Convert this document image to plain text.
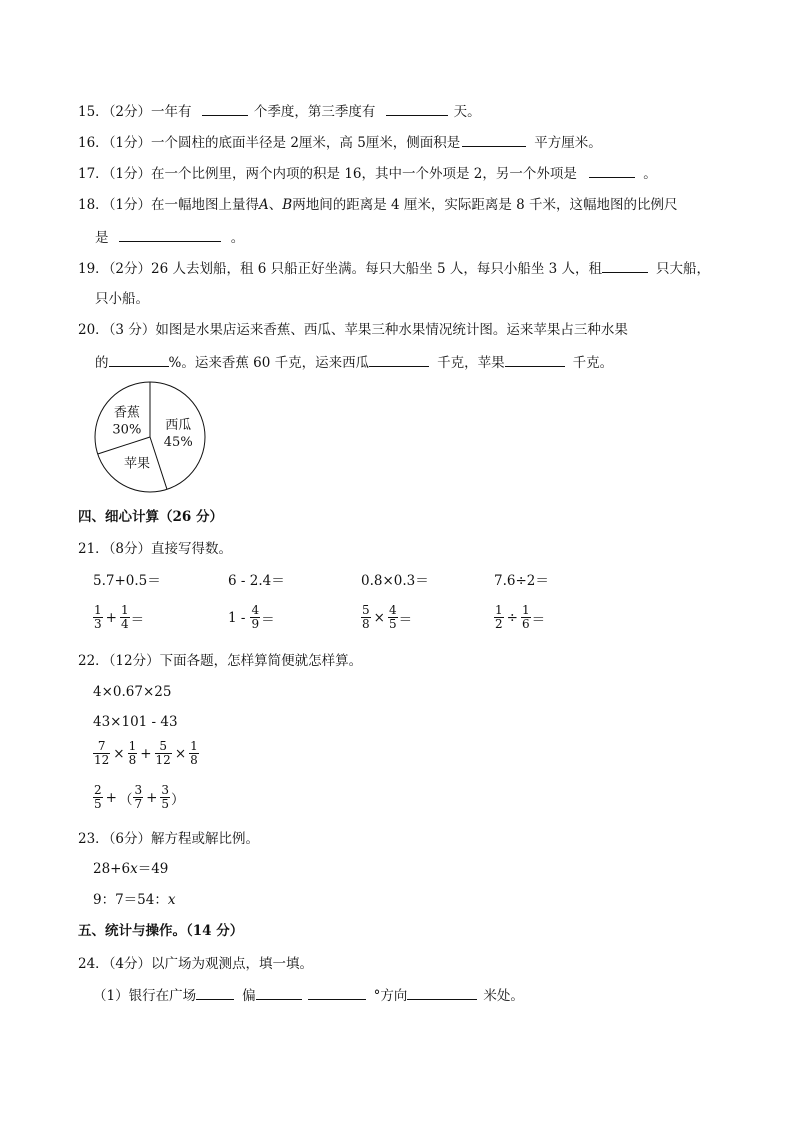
15．（2分）一年有	个季度，第三季度有	天。
16．（1分）一个圆柱的底面半径是 2厘米，高 5厘米，侧面积是	平方厘米。
17．（1分）在一个比例里，两个内项的积是 16，其中一个外项是 2，另一个外项是	。
18．（1分）在一幅地图上量得A、B两地间的距离是 4 厘米，实际距离是 8 千米，这幅地图的比例尺
是	。
19．（2分）26 人去划船，租 6 只船正好坐满。每只大船坐 5 人，每只小船坐 3 人，租	只大船，
只小船。
20．（3 分）如图是水果店运来香蕉、西瓜、苹果三种水果情况统计图。运来苹果占三种水果
的	%。运来香蕉 60 千克，运来西瓜	千克，苹果	千克。
香蕉
30% 西瓜
45%
苹果
四、细心计算（26 分）
21．（8分）直接写得数。
5.7+0.5＝	6 - 2.4＝	0.8×0.3＝	7.6÷2＝
$\frac{1}{3} + \frac{1}{4}$ ＝	$1 - \frac{4}{9}$ ＝	$\frac{5}{8} \times \frac{4}{5}$ ＝	$\frac{1}{2} \div \frac{1}{6}$ ＝
22．（12分）下面各题，怎样算简便就怎样算。
4×0.67×25
43×101 - 43
$\frac{7}{12} \times \frac{1}{8} + \frac{5}{12} \times \frac{1}{8}$
$\frac{2}{5}$ + （ $\frac{3}{7} + \frac{3}{5}$ ）
23．（6分）解方程或解比例。
28+6x＝49
9：7＝54：x
五、统计与操作。（14 分）
24．（4分）以广场为观测点，填一填。
（1）银行在广场	偏	°方向	米处。
